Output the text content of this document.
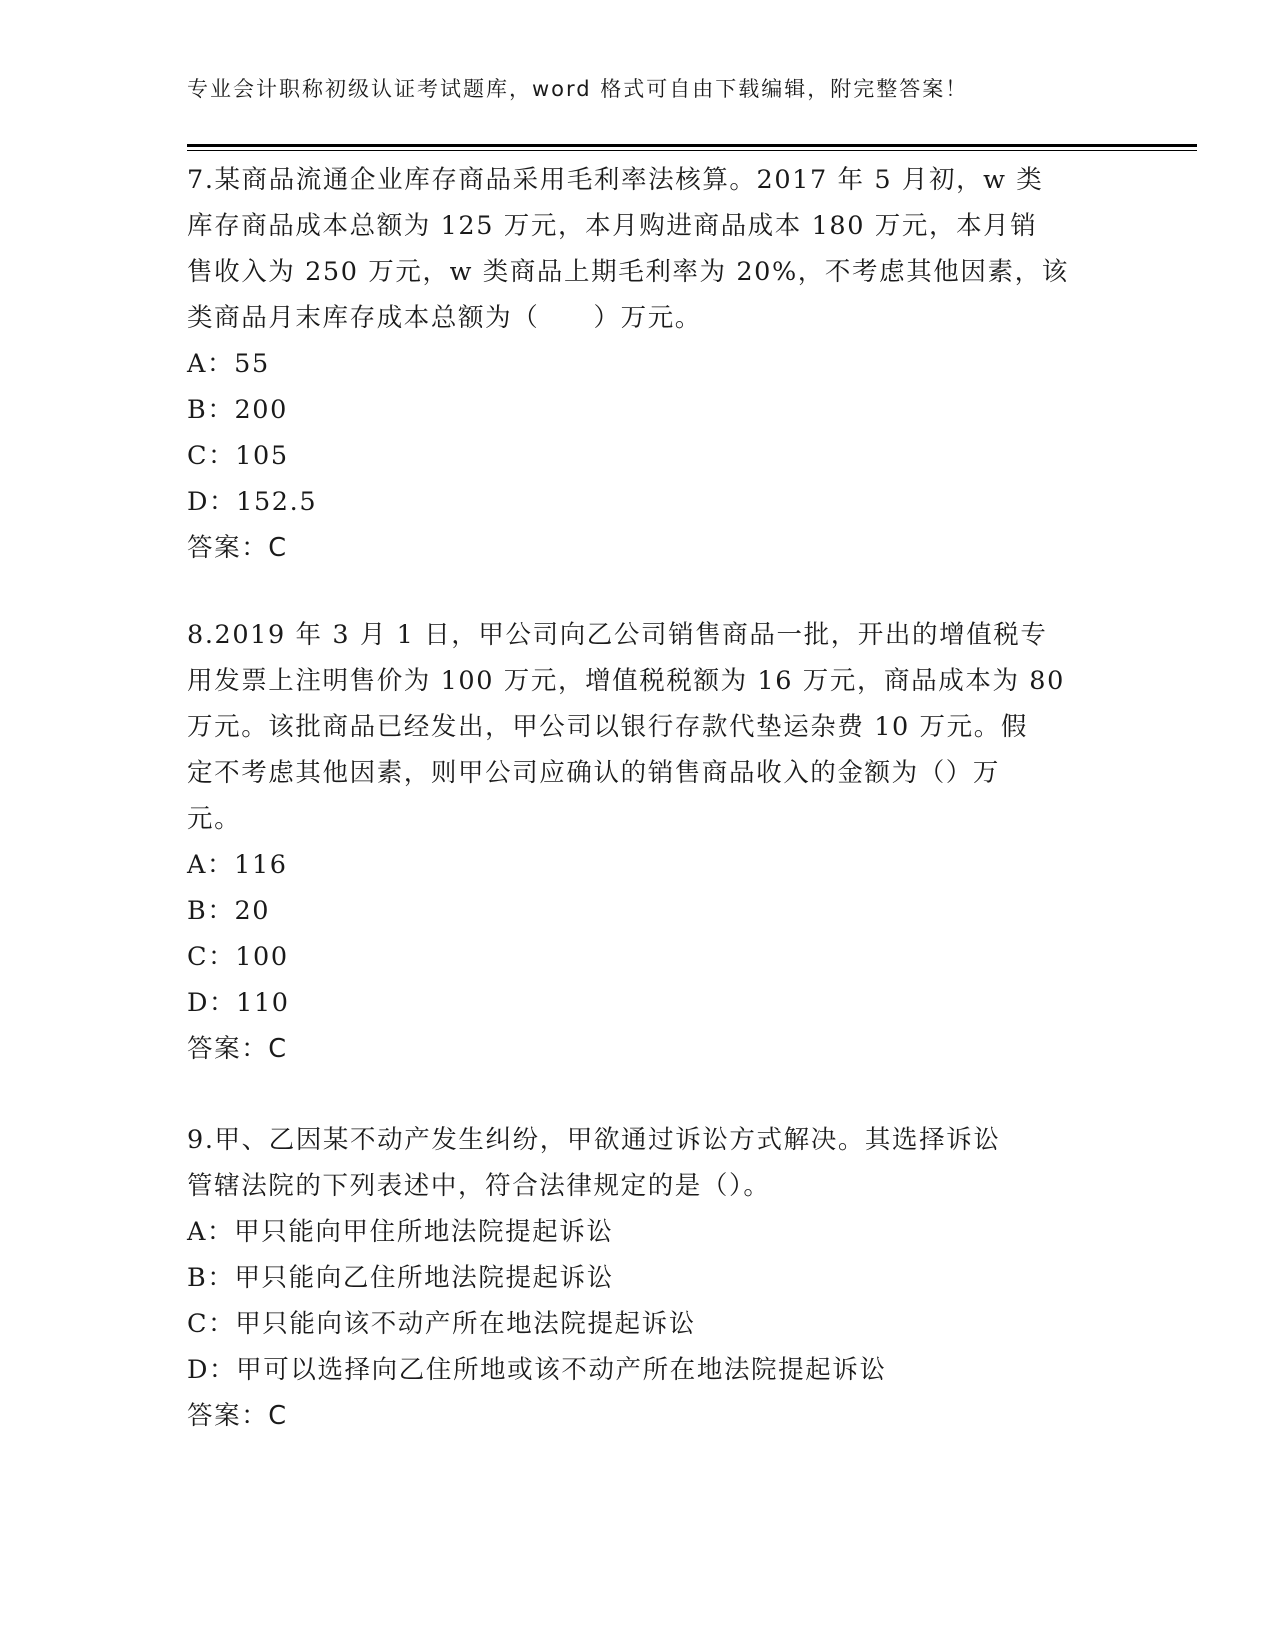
专业会计职称初级认证考试题库，word 格式可自由下载编辑，附完整答案！
7.某商品流通企业库存商品采用毛利率法核算。2017 年 5 月初，w 类
库存商品成本总额为 125 万元，本月购进商品成本 180 万元，本月销
售收入为 250 万元，w 类商品上期毛利率为 20%，不考虑其他因素，该
类商品月末库存成本总额为（　　）万元。
A：55
B：200
C：105
D：152.5
答案：C
8.2019 年 3 月 1 日，甲公司向乙公司销售商品一批，开出的增值税专
用发票上注明售价为 100 万元，增值税税额为 16 万元，商品成本为 80
万元。该批商品已经发出，甲公司以银行存款代垫运杂费 10 万元。假
定不考虑其他因素，则甲公司应确认的销售商品收入的金额为（）万
元。
A：116
B：20
C：100
D：110
答案：C
9.甲、乙因某不动产发生纠纷，甲欲通过诉讼方式解决。其选择诉讼
管辖法院的下列表述中，符合法律规定的是（）。
A：甲只能向甲住所地法院提起诉讼
B：甲只能向乙住所地法院提起诉讼
C：甲只能向该不动产所在地法院提起诉讼
D：甲可以选择向乙住所地或该不动产所在地法院提起诉讼
答案：C
